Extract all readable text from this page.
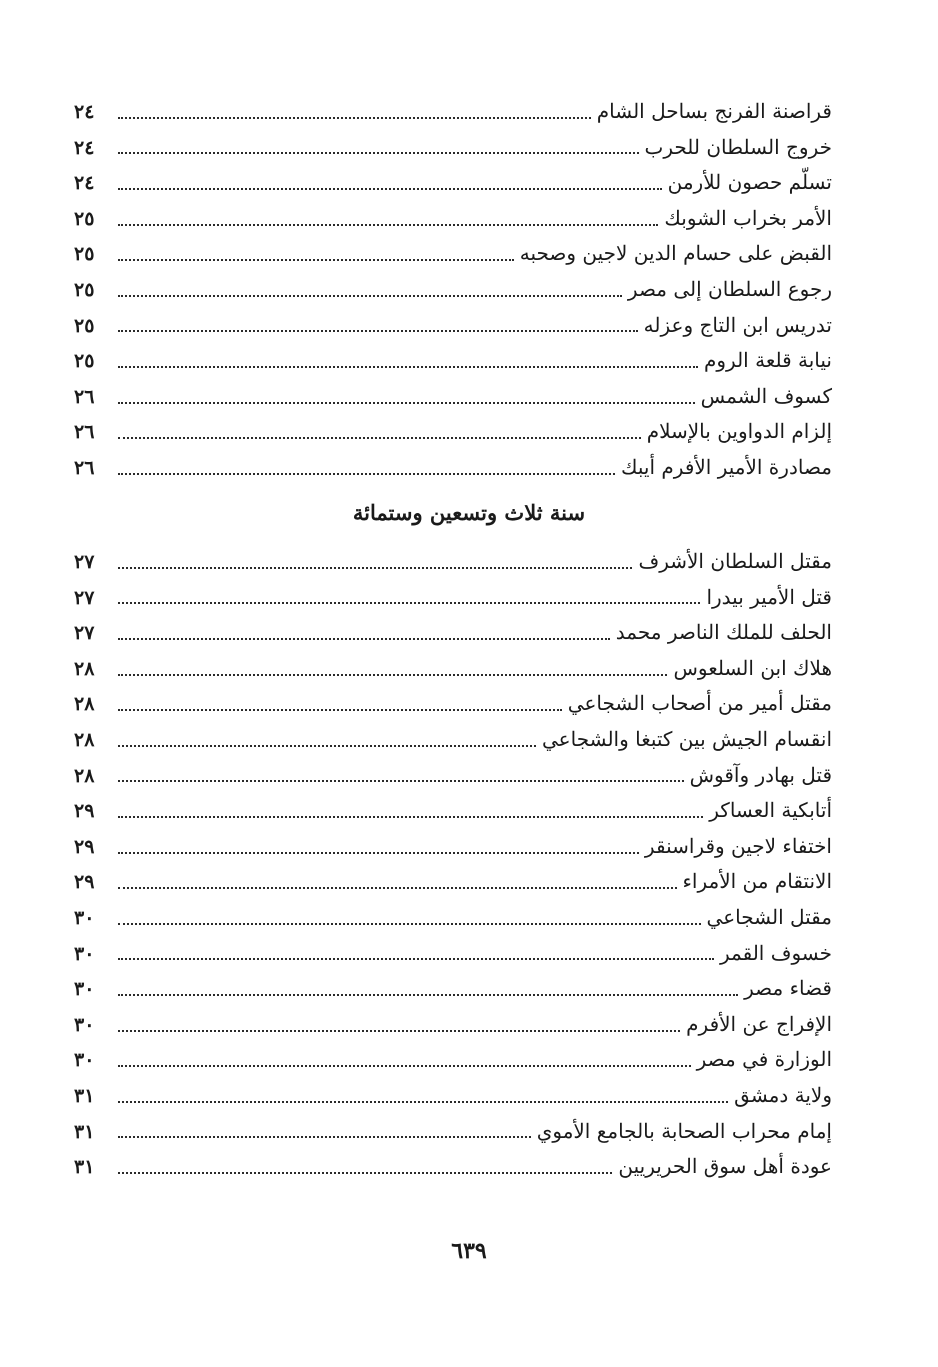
قراصنة الفرنج بساحل الشام
٢٤
خروج السلطان للحرب
٢٤
تسلّم حصون للأرمن
٢٤
الأمر بخراب الشوبك
٢٥
القبض على حسام الدين لاجين وصحبه
٢٥
رجوع السلطان إلى مصر
٢٥
تدريس ابن التاج وعزله
٢٥
نيابة قلعة الروم
٢٥
كسوف الشمس
٢٦
إلزام الدواوين بالإسلام
٢٦
مصادرة الأمير الأفرم أيبك
٢٦
سنة ثلاث وتسعين وستمائة
مقتل السلطان الأشرف
٢٧
قتل الأمير بيدرا
٢٧
الحلف للملك الناصر محمد
٢٧
هلاك ابن السلعوس
٢٨
مقتل أمير من أصحاب الشجاعي
٢٨
انقسام الجيش بين كتبغا والشجاعي
٢٨
قتل بهادر وآقوش
٢٨
أتابكية العساكر
٢٩
اختفاء لاجين وقراسنقر
٢٩
الانتقام من الأمراء
٢٩
مقتل الشجاعي
٣٠
خسوف القمر
٣٠
قضاء مصر
٣٠
الإفراج عن الأفرم
٣٠
الوزارة في مصر
٣٠
ولاية دمشق
٣١
إمام محراب الصحابة بالجامع الأموي
٣١
عودة أهل سوق الحريريين
٣١
٦٣٩
